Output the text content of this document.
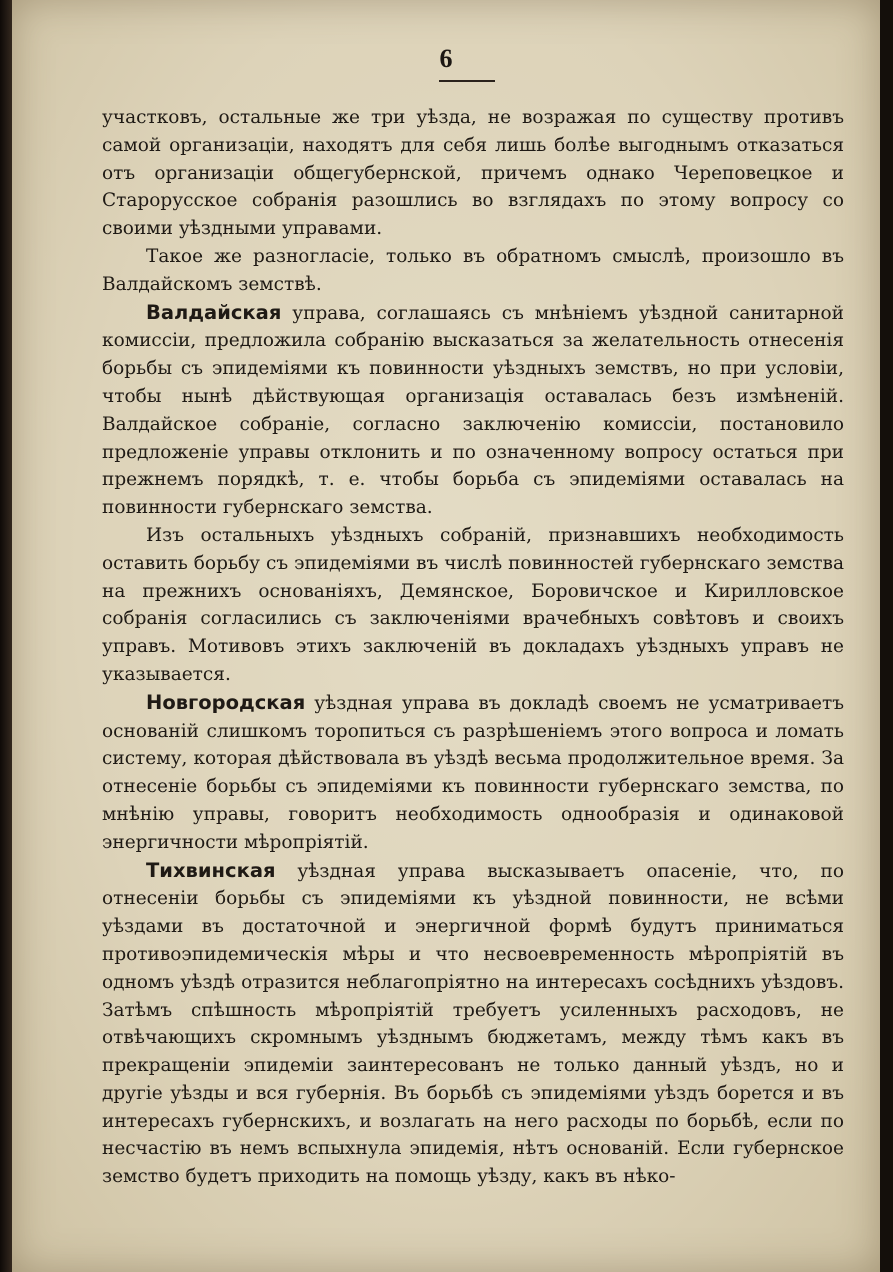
6

участковъ, остальные же три уѣзда, не возражая по существу противъ самой организаціи, находятъ для себя лишь болѣе выгоднымъ отказаться отъ организаціи общегубернской, причемъ однако Череповецкое и Старорусское собранія разошлись во взглядахъ по этому вопросу со своими уѣздными управами.

Такое же разногласіе, только въ обратномъ смыслѣ, произошло въ Валдайскомъ земствѣ.

Валдайская управа, соглашаясь съ мнѣніемъ уѣздной санитарной комиссіи, предложила собранію высказаться за желательность отнесенія борьбы съ эпидеміями къ повинности уѣздныхъ земствъ, но при условіи, чтобы нынѣ дѣйствующая организація оставалась безъ измѣненій. Валдайское собраніе, согласно заключенію комиссіи, постановило предложеніе управы отклонить и по означенному вопросу остаться при прежнемъ порядкѣ, т. е. чтобы борьба съ эпидеміями оставалась на повинности губернскаго земства.

Изъ остальныхъ уѣздныхъ собраній, признавшихъ необходимость оставить борьбу съ эпидеміями въ числѣ повинностей губернскаго земства на прежнихъ основаніяхъ, Демянское, Боровичское и Кирилловское собранія согласились съ заключеніями врачебныхъ совѣтовъ и своихъ управъ. Мотивовъ этихъ заключеній въ докладахъ уѣздныхъ управъ не указывается.

Новгородская уѣздная управа въ докладѣ своемъ не усматриваетъ основаній слишкомъ торопиться съ разрѣшеніемъ этого вопроса и ломать систему, которая дѣйствовала въ уѣздѣ весьма продолжительное время. За отнесеніе борьбы съ эпидеміями къ повинности губернскаго земства, по мнѣнію управы, говоритъ необходимость однообразія и одинаковой энергичности мѣропріятій.

Тихвинская уѣздная управа высказываетъ опасеніе, что, по отнесеніи борьбы съ эпидеміями къ уѣздной повинности, не всѣми уѣздами въ достаточной и энергичной формѣ будутъ приниматься противоэпидемическія мѣры и что несвоевременность мѣропріятій въ одномъ уѣздѣ отразится неблагопріятно на интересахъ сосѣднихъ уѣздовъ. Затѣмъ спѣшность мѣропріятій требуетъ усиленныхъ расходовъ, не отвѣчающихъ скромнымъ уѣзднымъ бюджетамъ, между тѣмъ какъ въ прекращеніи эпидеміи заинтересованъ не только данный уѣздъ, но и другіе уѣзды и вся губернія. Въ борьбѣ съ эпидеміями уѣздъ борется и въ интересахъ губернскихъ, и возлагать на него расходы по борьбѣ, если по несчастію въ немъ вспыхнула эпидемія, нѣтъ основаній. Если губернское земство будетъ приходить на помощь уѣзду, какъ въ нѣко-
